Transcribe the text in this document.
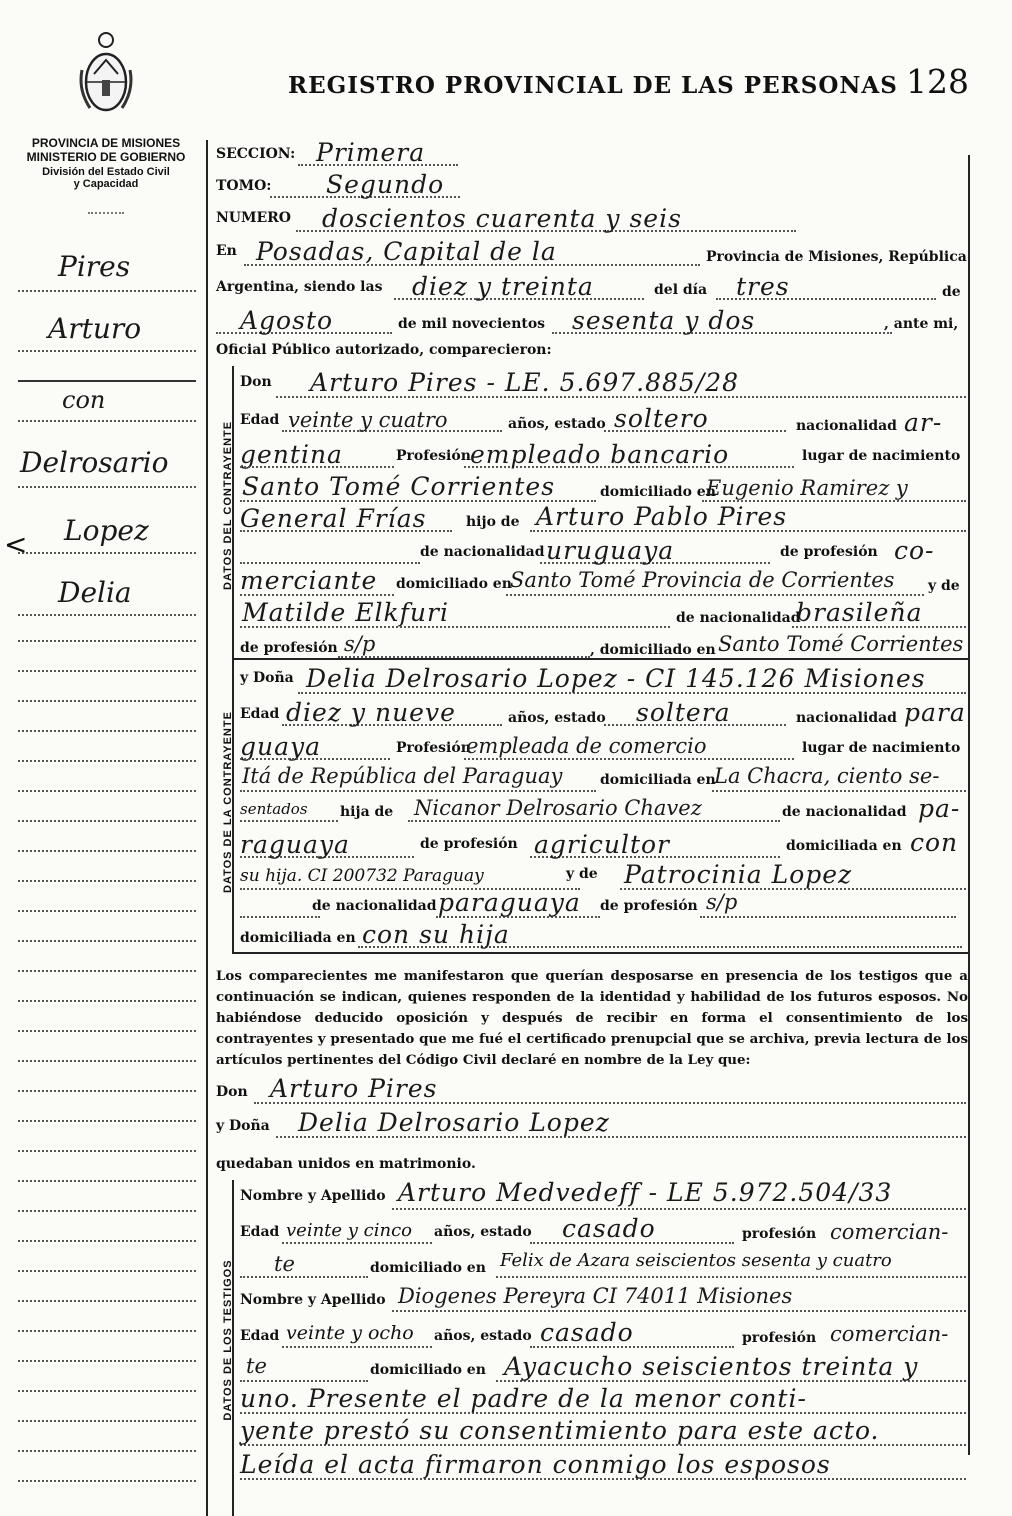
REGISTRO PROVINCIAL DE LAS PERSONAS 128
PROVINCIA DE MISIONES
MINISTERIO DE GOBIERNO
División del Estado Civil
y Capacidad
Pires
Arturo
con
Delrosario
Lopez
Delia
<	DATOS DEL CONTRAYENTE
DATOS DE LA CONTRAYENTE
DATOS DE LOS TESTIGOS
SECCION: Primera
TOMO: Segundo
NUMERO doscientos cuarenta y seis
En Posadas, Capital de la	Provincia de Misiones, República
Argentina, siendo las diez y treinta	del día tres	de
Agosto	de mil novecientos sesenta y dos	, ante mi,
Oficial Público autorizado, comparecieron:
Don Arturo Pires - LE. 5.697.885/28
Edad veinte y cuatro	años, estado soltero	nacionalidad ar-
gentina	Profesión empleado bancario	lugar de nacimiento
Santo Tomé Corrientes	domiciliado en
Eugenio Ramirez y
General Frías	hijo de Arturo Pablo Pires
de nacionalidad uruguaya	de profesión co-
merciante domiciliado en
Santo Tomé Provincia de Corrientes y de
Matilde Elkfuri	de nacionalidad
brasileña
de profesión s/p	, domiciliado en Santo Tomé Corrientes
y Doña Delia Delrosario Lopez - CI 145.126 Misiones
Edad diez y nueve	años, estado soltera	nacionalidad para
guaya	Profesión
empleada de comercio	lugar de nacimiento
Itá de República del Paraguay	domiciliada en
La Chacra, ciento se-
sentados hija de Nicanor Delrosario Chavez	de nacionalidad pa-
raguaya	de profesión agricultor	domiciliada en con
su hija. CI 200732 Paraguay	y de Patrocinia Lopez
de nacionalidad paraguaya de profesión s/p
domiciliada en con su hija
Los comparecientes me manifestaron que querían desposarse en presencia de los testigos que a continuación se indican, quienes responden de la identidad y habilidad de los futuros esposos. No habiéndose deducido oposición y después de recibir en forma el consentimiento de los contrayentes y presentado que me fué el certificado prenupcial que se archiva, previa lectura de los artículos pertinentes del Código Civil declaré en nombre de la Ley que:
Don Arturo Pires
y Doña Delia Delrosario Lopez
quedaban unidos en matrimonio.
Nombre y Apellido Arturo Medvedeff - LE 5.972.504/33
Edad veinte y cinco años, estado casado	profesión comercian-
te	domiciliado en Felix de Azara seiscientos sesenta y cuatro
Nombre y Apellido Diogenes Pereyra CI 74011 Misiones
Edad veinte y ocho años, estado casado	profesión comercian-
te	domiciliado en Ayacucho seiscientos treinta y
uno. Presente el padre de la menor conti-
yente prestó su consentimiento para este acto.
Leída el acta firmaron conmigo los esposos
